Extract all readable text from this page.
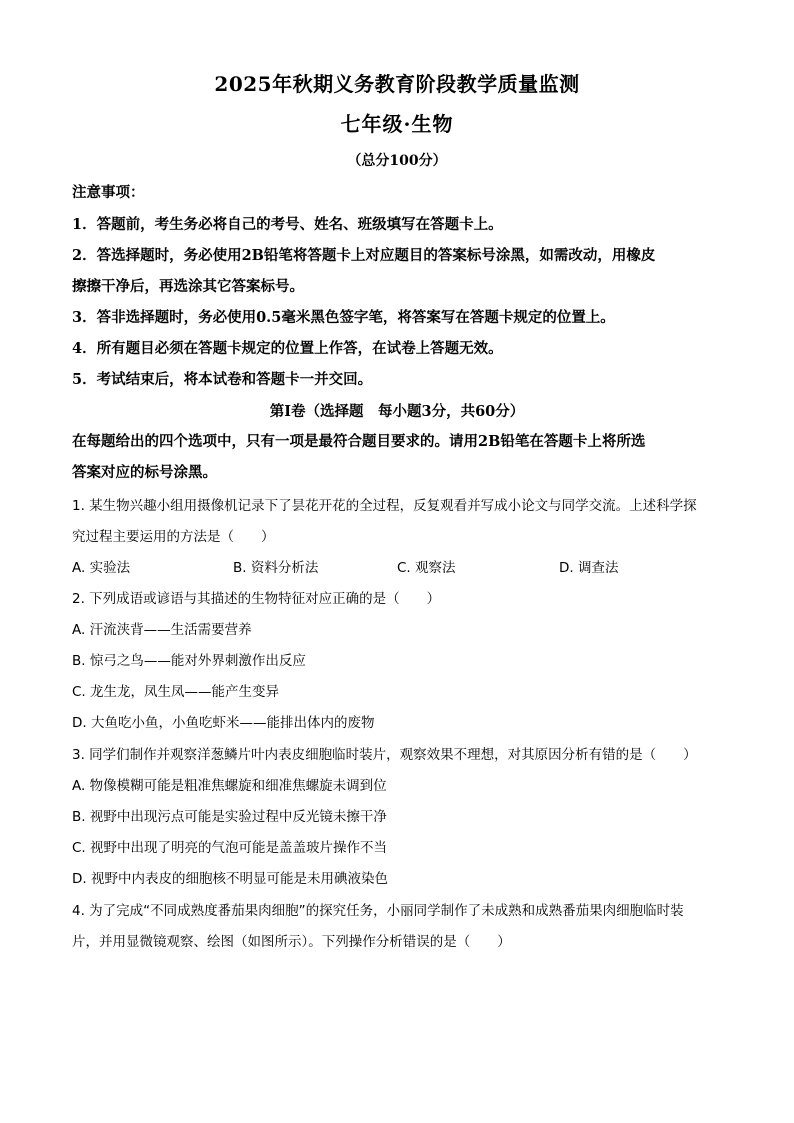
2025年秋期义务教育阶段教学质量监测
七年级·生物
（总分100分）
注意事项：
1．答题前，考生务必将自己的考号、姓名、班级填写在答题卡上。
2．答选择题时，务必使用2B铅笔将答题卡上对应题目的答案标号涂黑，如需改动，用橡皮
擦擦干净后，再选涂其它答案标号。
3．答非选择题时，务必使用0.5毫米黑色签字笔，将答案写在答题卡规定的位置上。
4．所有题目必须在答题卡规定的位置上作答，在试卷上答题无效。
5．考试结束后，将本试卷和答题卡一并交回。
第Ⅰ卷（选择题　每小题3分，共60分）
在每题给出的四个选项中，只有一项是最符合题目要求的。请用2B铅笔在答题卡上将所选
答案对应的标号涂黑。
1. 某生物兴趣小组用摄像机记录下了昙花开花的全过程，反复观看并写成小论文与同学交流。上述科学探
究过程主要运用的方法是（　　）
A. 实验法	B. 资料分析法	C. 观察法	D. 调查法
2. 下列成语或谚语与其描述的生物特征对应正确的是（　　）
A. 汗流浃背——生活需要营养
B. 惊弓之鸟——能对外界刺激作出反应
C. 龙生龙，凤生凤——能产生变异
D. 大鱼吃小鱼，小鱼吃虾米——能排出体内的废物
3. 同学们制作并观察洋葱鳞片叶内表皮细胞临时装片，观察效果不理想，对其原因分析有错的是（　　）
A. 物像模糊可能是粗准焦螺旋和细准焦螺旋未调到位
B. 视野中出现污点可能是实验过程中反光镜未擦干净
C. 视野中出现了明亮的气泡可能是盖盖玻片操作不当
D. 视野中内表皮的细胞核不明显可能是未用碘液染色
4. 为了完成“不同成熟度番茄果肉细胞”的探究任务，小丽同学制作了未成熟和成熟番茄果肉细胞临时装
片，并用显微镜观察、绘图（如图所示）。下列操作分析错误的是（　　）
